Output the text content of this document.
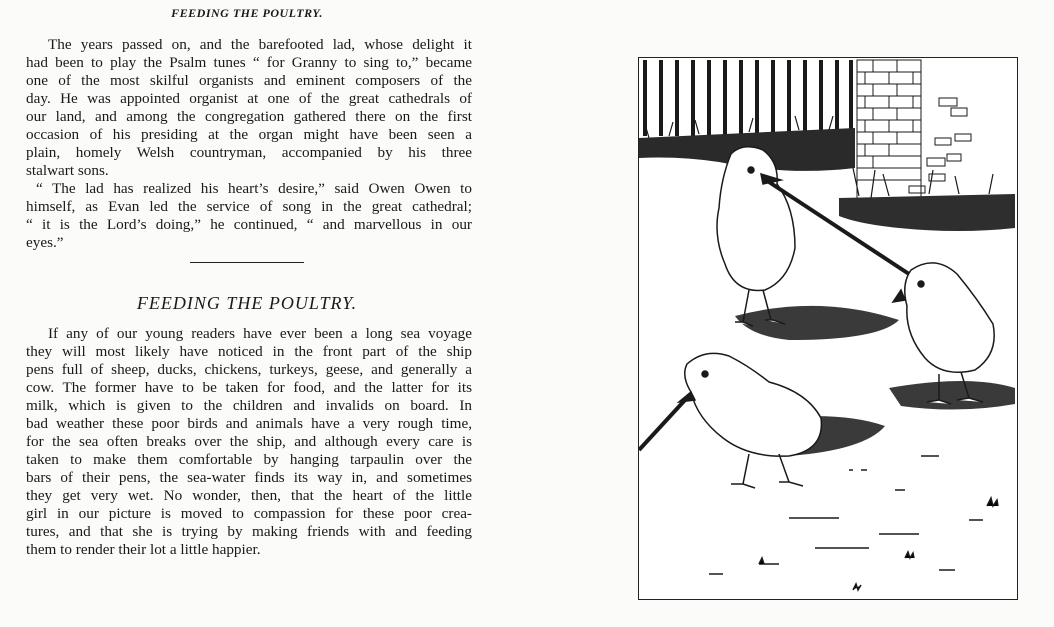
FEEDING THE POULTRY.
The years passed on, and the barefooted lad, whose delight it
had been to play the Psalm tunes “ for Granny to sing to,” became
one of the most skilful organists and eminent composers of the
day. He was appointed organist at one of the great cathedrals of
our land, and among the congregation gathered there on the first
occasion of his presiding at the organ might have been seen a
plain, homely Welsh countryman, accompanied by his three
stalwart sons.
“ The lad has realized his heart’s desire,” said Owen Owen to
himself, as Evan led the service of song in the great cathedral;
“ it is the Lord’s doing,” he continued, “ and marvellous in our
eyes.”
FEEDING THE POULTRY.
If any of our young readers have ever been a long sea voyage
they will most likely have noticed in the front part of the ship
pens full of sheep, ducks, chickens, turkeys, geese, and generally a
cow. The former have to be taken for food, and the latter for its
milk, which is given to the children and invalids on board. In
bad weather these poor birds and animals have a very rough time,
for the sea often breaks over the ship, and although every care is
taken to make them comfortable by hanging tarpaulin over the
bars of their pens, the sea-water finds its way in, and sometimes
they get very wet. No wonder, then, that the heart of the little
girl in our picture is moved to compassion for these poor crea-
tures, and that she is trying by making friends with and feeding
them to render their lot a little happier.
